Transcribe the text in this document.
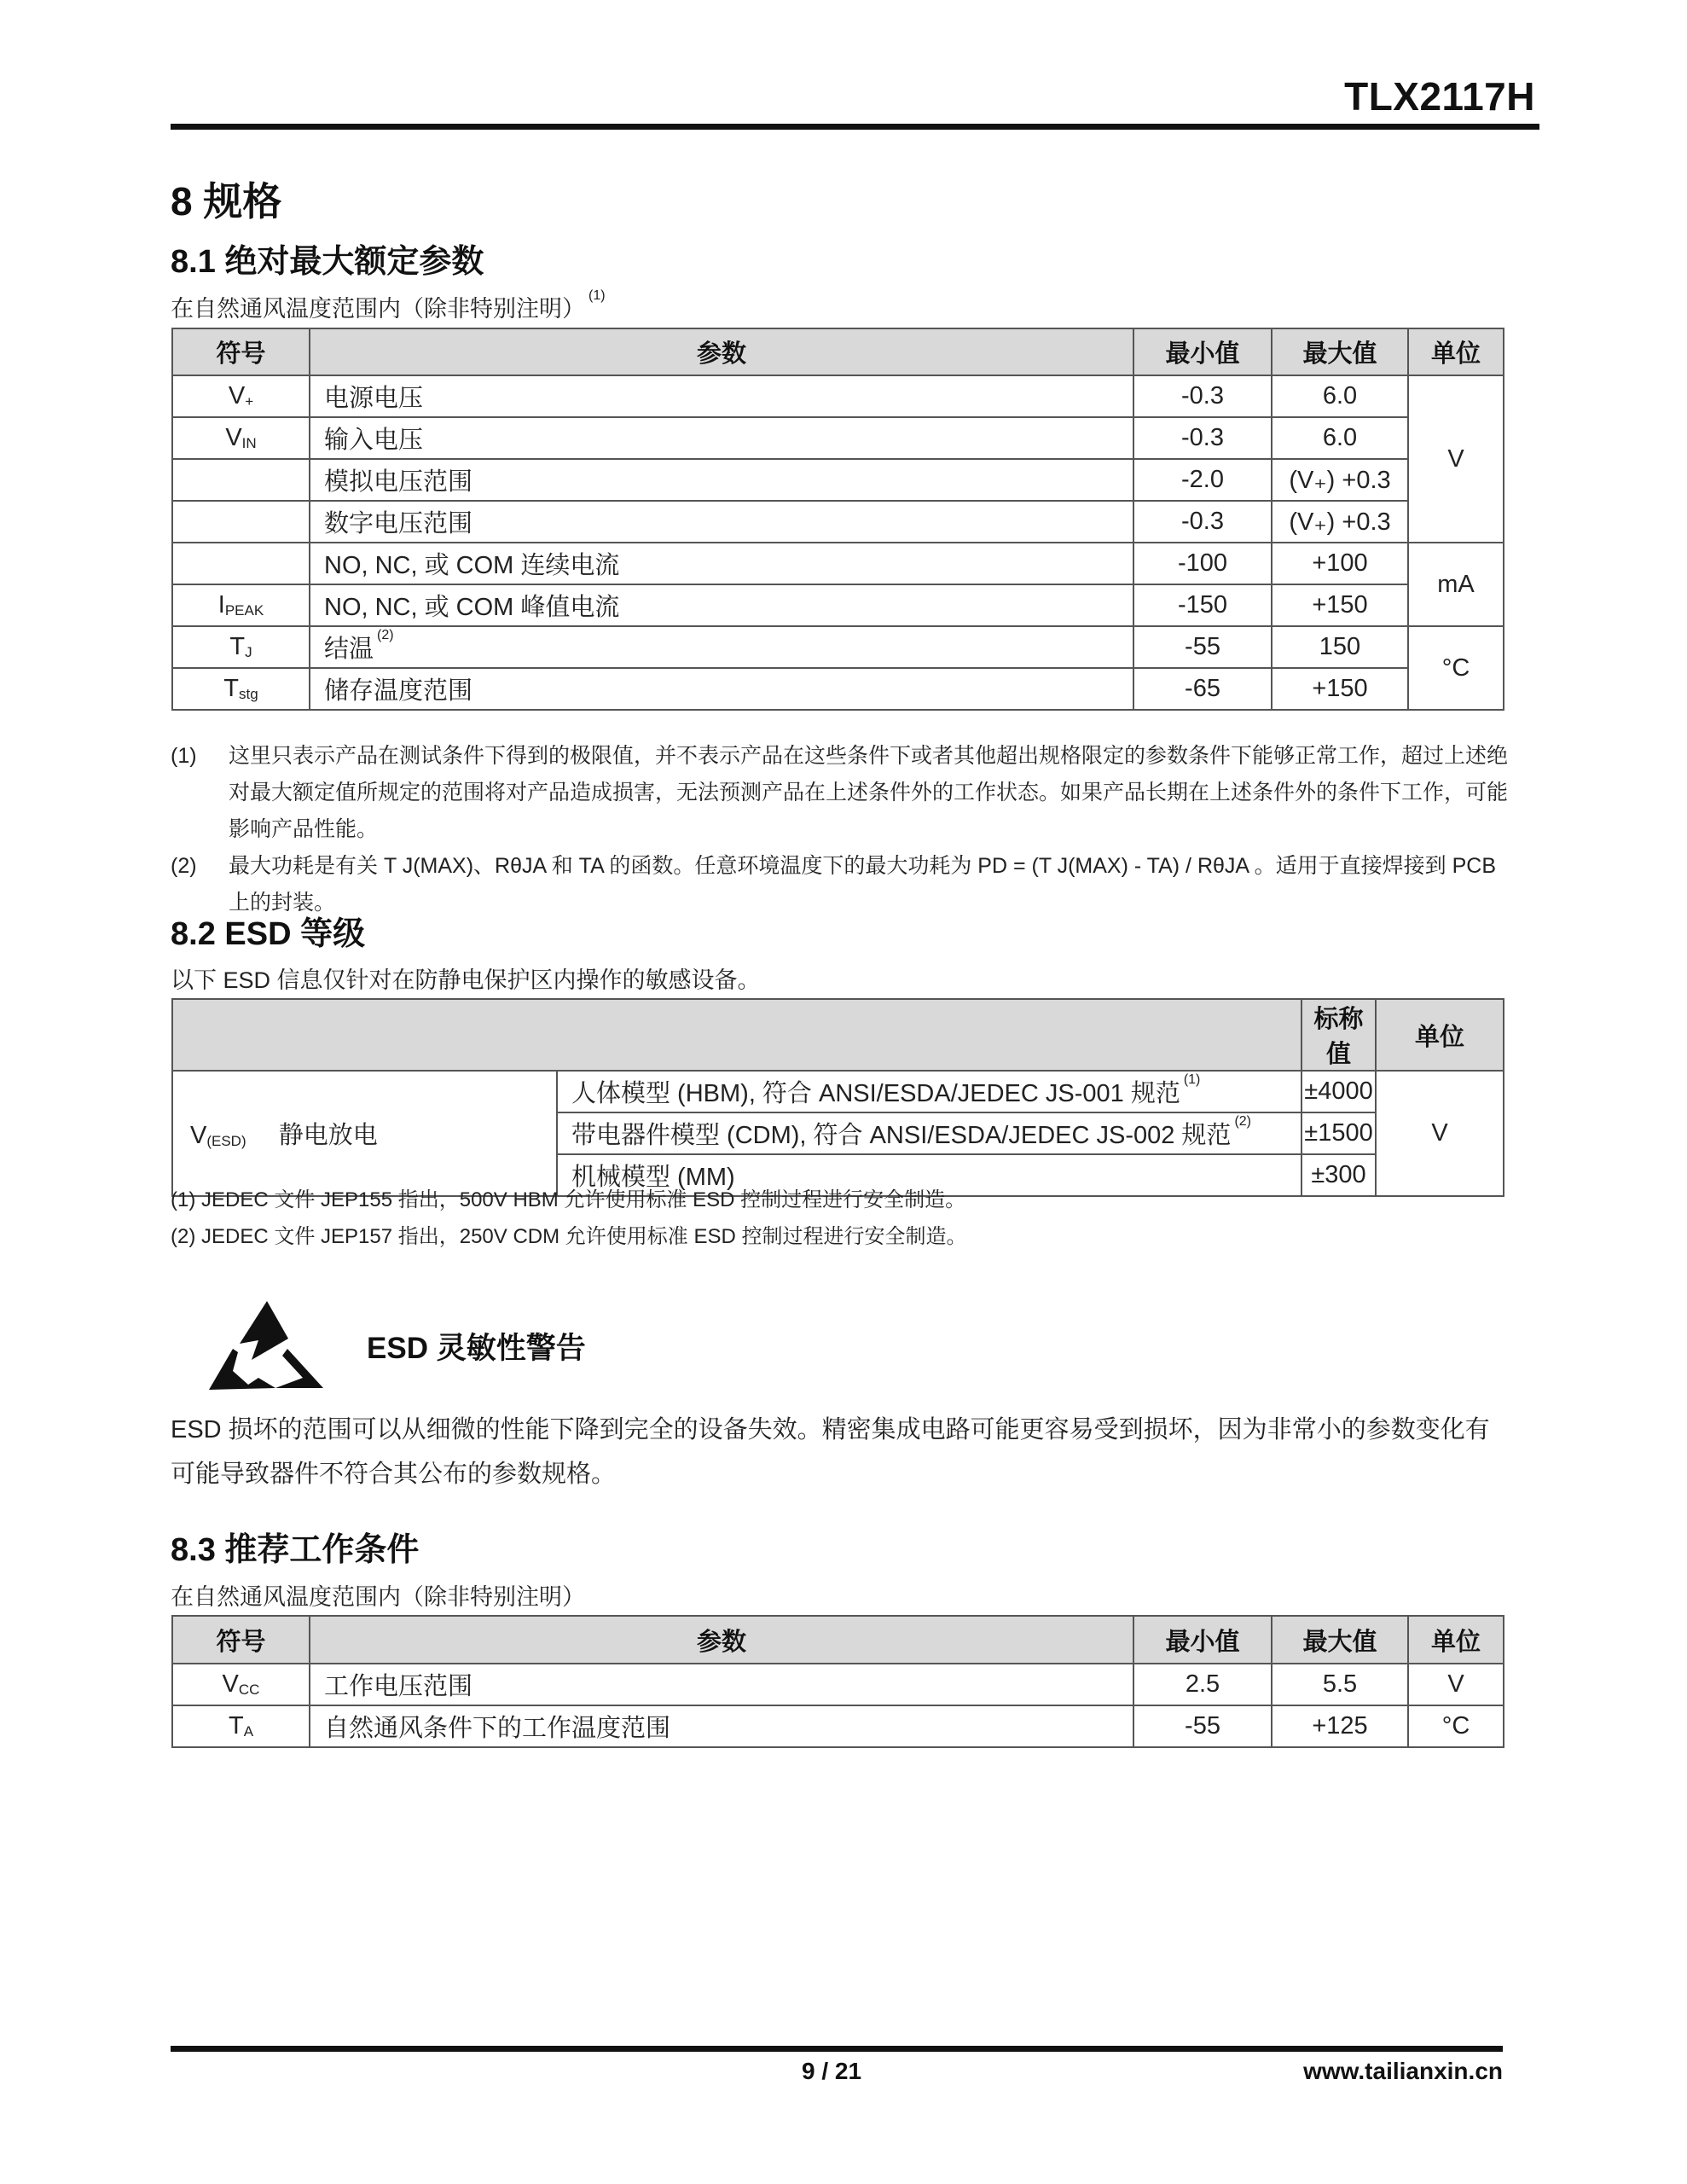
TLX2117H
8 规格
8.1 绝对最大额定参数
在自然通风温度范围内（除非特别注明）$^{(1)}$
符号	参数	最小值	最大值	单位
V+	电源电压	-0.3	6.0	V
VIN	输入电压	-0.3	6.0	
	模拟电压范围	-2.0	(V₊) +0.3	
	数字电压范围	-0.3	(V₊) +0.3	
	NO, NC, 或 COM 连续电流	-100	+100	mA
IPEAK	NO, NC, 或 COM 峰值电流	-150	+150	
TJ	结温$^{(2)}$	-55	150	°C
Tstg	储存温度范围	-65	+150	
(1)	这里只表示产品在测试条件下得到的极限值，并不表示产品在这些条件下或者其他超出规格限定的参数条件下能够正常工作，超过上述绝对最大额定值所规定的范围将对产品造成损害，无法预测产品在上述条件外的工作状态。如果产品长期在上述条件外的条件下工作，可能影响产品性能。
(2)	最大功耗是有关 T J(MAX)、RθJA 和 TA 的函数。任意环境温度下的最大功耗为 PD = (T J(MAX) - TA) / RθJA 。适用于直接焊接到 PCB 上的封装。
8.2 ESD 等级
以下 ESD 信息仅针对在防静电保护区内操作的敏感设备。
		标称值	单位
V(ESD) 静电放电	人体模型 (HBM), 符合 ANSI/ESDA/JEDEC JS-001 规范$^{(1)}$	±4000	V
	带电器件模型 (CDM), 符合 ANSI/ESDA/JEDEC JS-002 规范$^{(2)}$	±1500	
	机械模型 (MM)	±300	
(1) JEDEC 文件 JEP155 指出，500V HBM 允许使用标准 ESD 控制过程进行安全制造。
(2) JEDEC 文件 JEP157 指出，250V CDM 允许使用标准 ESD 控制过程进行安全制造。
ESD 灵敏性警告
ESD 损坏的范围可以从细微的性能下降到完全的设备失效。精密集成电路可能更容易受到损坏，因为非常小的参数变化有可能导致器件不符合其公布的参数规格。
8.3 推荐工作条件
在自然通风温度范围内（除非特别注明）
符号	参数	最小值	最大值	单位
VCC	工作电压范围	2.5	5.5	V
TA	自然通风条件下的工作温度范围	-55	+125	°C
9 / 21	www.tailianxin.cn
